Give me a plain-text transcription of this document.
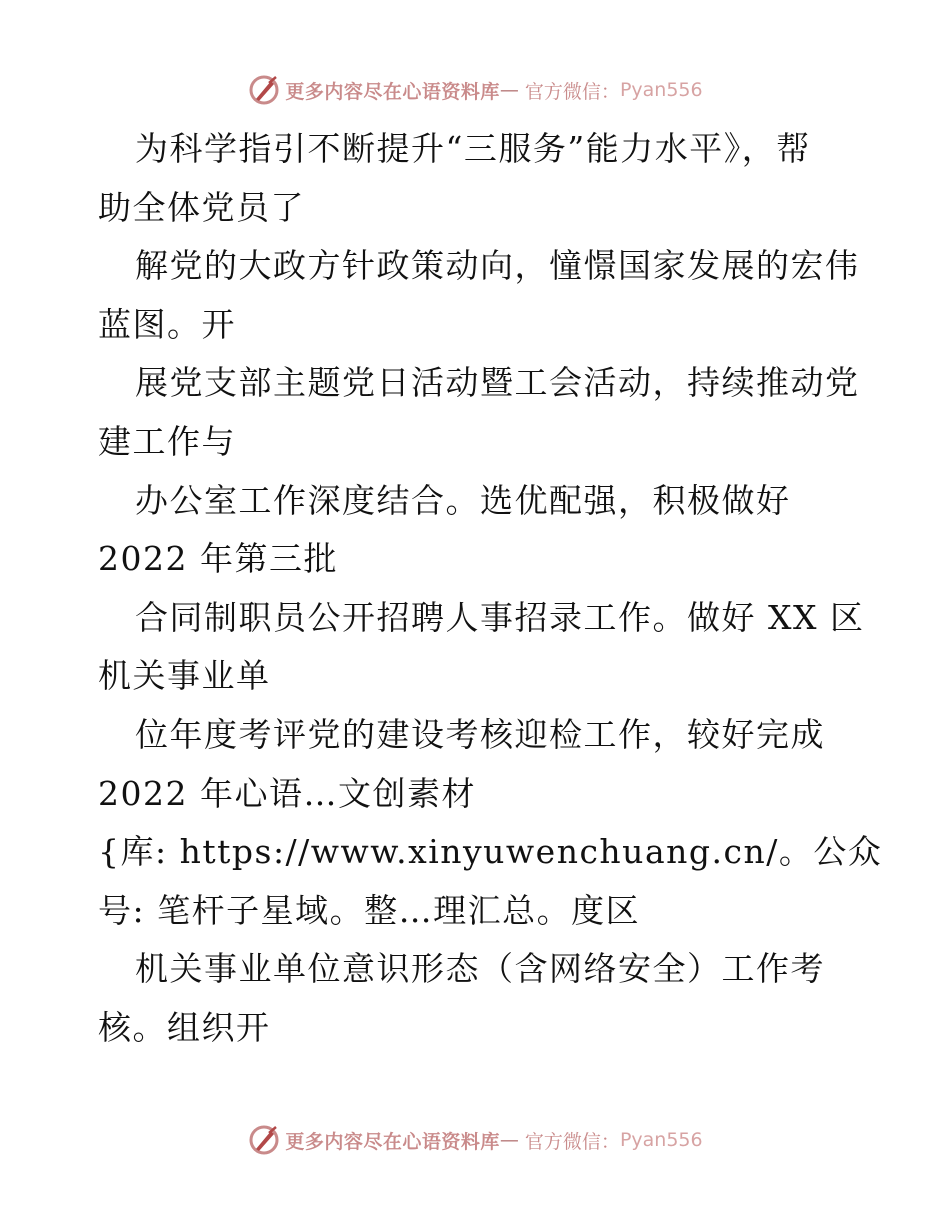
更多内容尽在心语资料库 — 官方微信： Pyan556
为科学指引不断提升“三服务”能力水平》，帮
助全体党员了
解党的大政方针政策动向，憧憬国家发展的宏伟
蓝图。开
展党支部主题党日活动暨工会活动，持续推动党
建工作与
办公室工作深度结合。选优配强，积极做好
2022 年第三批
合同制职员公开招聘人事招录工作。做好 XX 区
机关事业单
位年度考评党的建设考核迎检工作，较好完成
2022 年心语…文创素材
{库: https://www.xinyuwenchuang.cn/。公众
号: 笔杆子星域。整…理汇总。度区
机关事业单位意识形态（含网络安全）工作考
核。组织开
更多内容尽在心语资料库 — 官方微信： Pyan556
